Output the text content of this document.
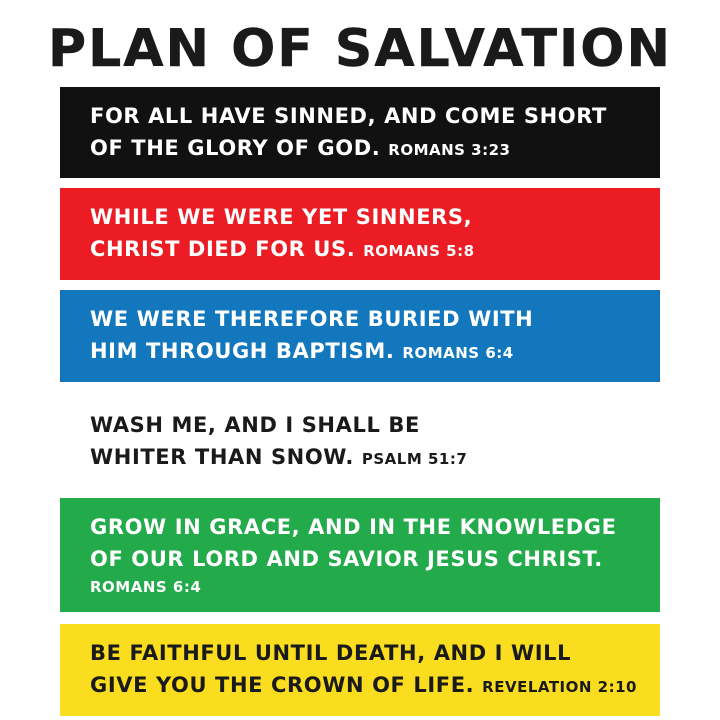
PLAN OF SALVATION
FOR ALL HAVE SINNED, AND COME SHORT
OF THE GLORY OF GOD. ROMANS 3:23
WHILE WE WERE YET SINNERS,
CHRIST DIED FOR US. ROMANS 5:8
WE WERE THEREFORE BURIED WITH
HIM THROUGH BAPTISM. ROMANS 6:4
WASH ME, AND I SHALL BE
WHITER THAN SNOW. PSALM 51:7
GROW IN GRACE, AND IN THE KNOWLEDGE
OF OUR LORD AND SAVIOR JESUS CHRIST.
ROMANS 6:4
BE FAITHFUL UNTIL DEATH, AND I WILL
GIVE YOU THE CROWN OF LIFE. REVELATION 2:10
